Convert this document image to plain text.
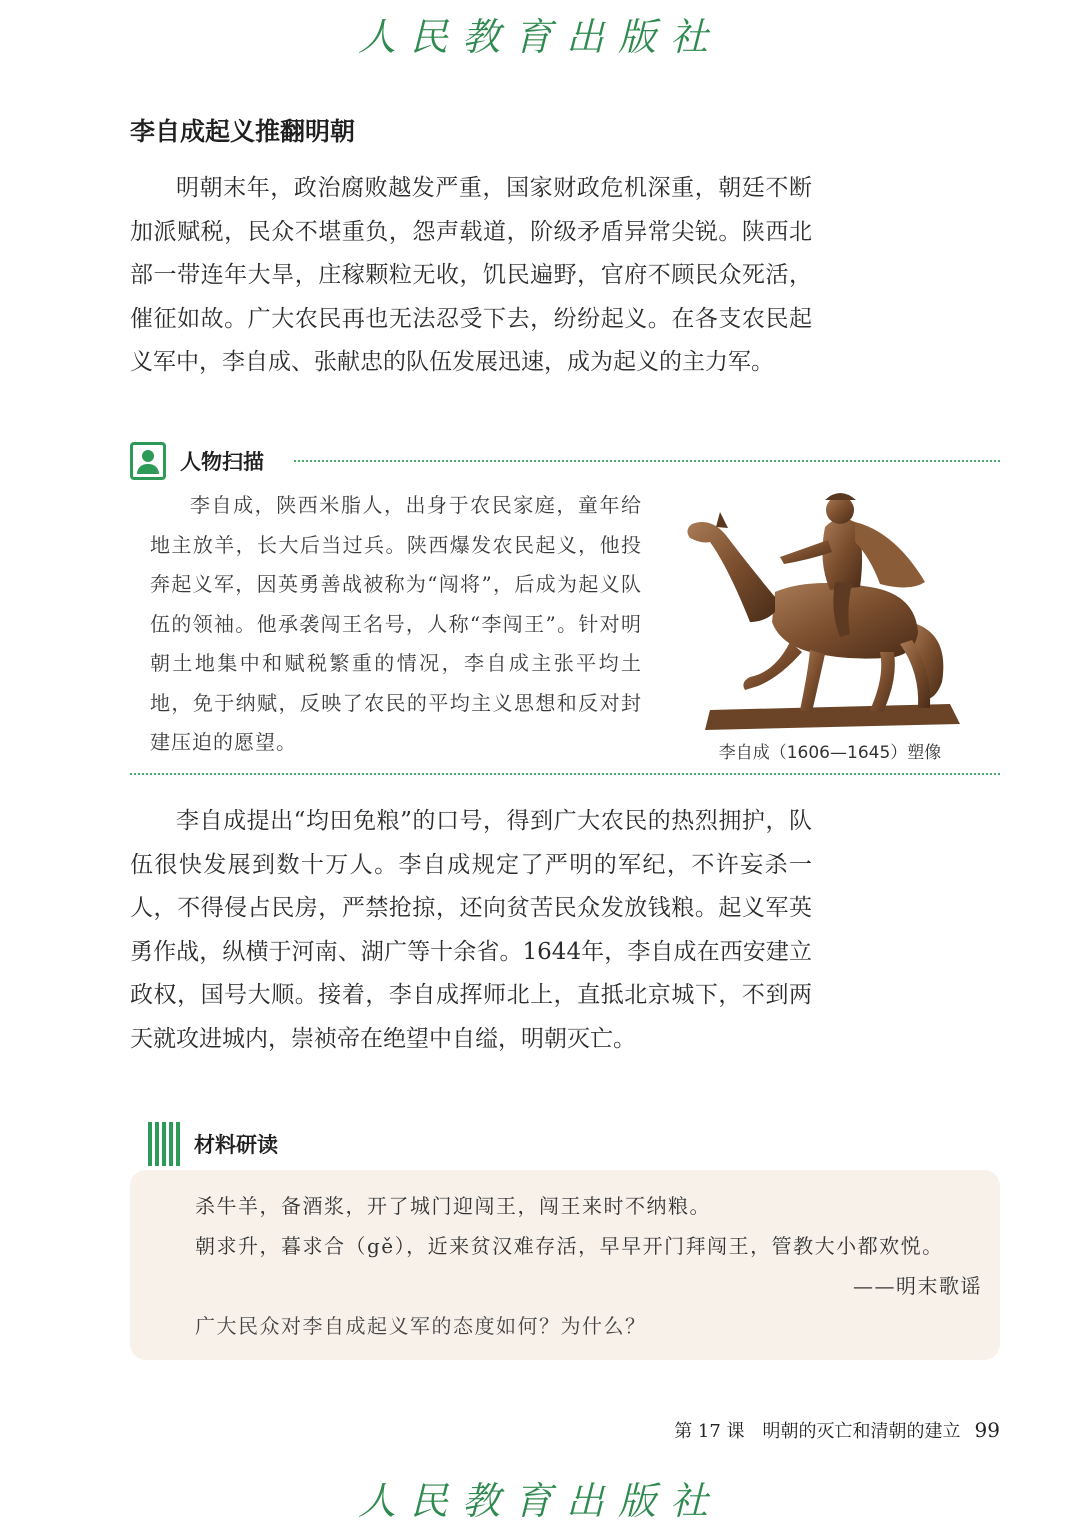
人民教育出版社
李自成起义推翻明朝

明朝末年，政治腐败越发严重，国家财政危机深重，朝廷不断加派赋税，民众不堪重负，怨声载道，阶级矛盾异常尖锐。陕西北部一带连年大旱，庄稼颗粒无收，饥民遍野，官府不顾民众死活，催征如故。广大农民再也无法忍受下去，纷纷起义。在各支农民起义军中，李自成、张献忠的队伍发展迅速，成为起义的主力军。

人物扫描

李自成，陕西米脂人，出身于农民家庭，童年给地主放羊，长大后当过兵。陕西爆发农民起义，他投奔起义军，因英勇善战被称为“闯将”，后成为起义队伍的领袖。他承袭闯王名号，人称“李闯王”。针对明朝土地集中和赋税繁重的情况，李自成主张平均土地，免于纳赋，反映了农民的平均主义思想和反对封建压迫的愿望。	李自成（1606—1645）塑像

李自成提出“均田免粮”的口号，得到广大农民的热烈拥护，队伍很快发展到数十万人。李自成规定了严明的军纪，不许妄杀一人，不得侵占民房，严禁抢掠，还向贫苦民众发放钱粮。起义军英勇作战，纵横于河南、湖广等十余省。1644年，李自成在西安建立政权，国号大顺。接着，李自成挥师北上，直抵北京城下，不到两天就攻进城内，崇祯帝在绝望中自缢，明朝灭亡。

材料研读

杀牛羊，备酒浆，开了城门迎闯王，闯王来时不纳粮。

朝求升，暮求合（gě），近来贫汉难存活，早早开门拜闯王，管教大小都欢悦。

——明末歌谣

广大民众对李自成起义军的态度如何？为什么？

第 17 课　明朝的灭亡和清朝的建立 99
人民教育出版社
